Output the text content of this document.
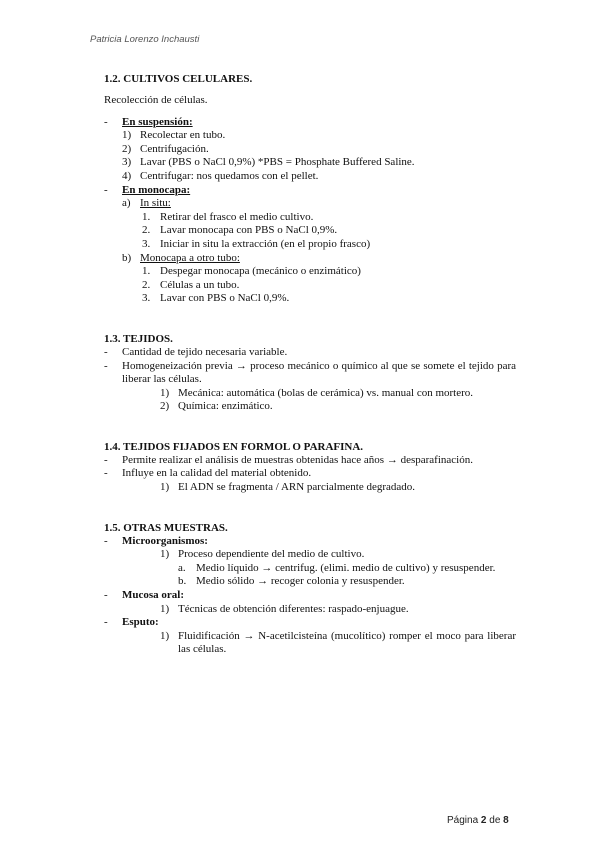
Patricia Lorenzo Inchausti
1.2. CULTIVOS CELULARES.

Recolección de células.

-	En suspensión:
1) Recolectar en tubo.
2) Centrifugación.
3) Lavar (PBS o NaCl 0,9%) *PBS = Phosphate Buffered Saline.
4) Centrifugar: nos quedamos con el pellet.
-	En monocapa:
a) In situ:
1. Retirar del frasco el medio cultivo.
2. Lavar monocapa con PBS o NaCl 0,9%.
3. Iniciar in situ la extracción (en el propio frasco)
b) Monocapa a otro tubo:
1. Despegar monocapa (mecánico o enzimático)
2. Células a un tubo.
3. Lavar con PBS o NaCl 0,9%.
1.3. TEJIDOS.
-	Cantidad de tejido necesaria variable.
-	Homogeneización previa → proceso mecánico o químico al que se somete el tejido para liberar las células.
1) Mecánica: automática (bolas de cerámica) vs. manual con mortero.
2) Química: enzimático.
1.4. TEJIDOS FIJADOS EN FORMOL O PARAFINA.
-	Permite realizar el análisis de muestras obtenidas hace años → desparafinación.
-	Influye en la calidad del material obtenido.
1) El ADN se fragmenta / ARN parcialmente degradado.
1.5. OTRAS MUESTRAS.
-	Microorganismos:
1) Proceso dependiente del medio de cultivo.
a. Medio líquido → centrifug. (elimi. medio de cultivo) y resuspender.
b. Medio sólido → recoger colonia y resuspender.
-	Mucosa oral:
1) Técnicas de obtención diferentes: raspado-enjuague.
-	Esputo:
1) Fluidificación → N-acetilcisteína (mucolítico) romper el moco para liberar las células.
Página 2 de 8
